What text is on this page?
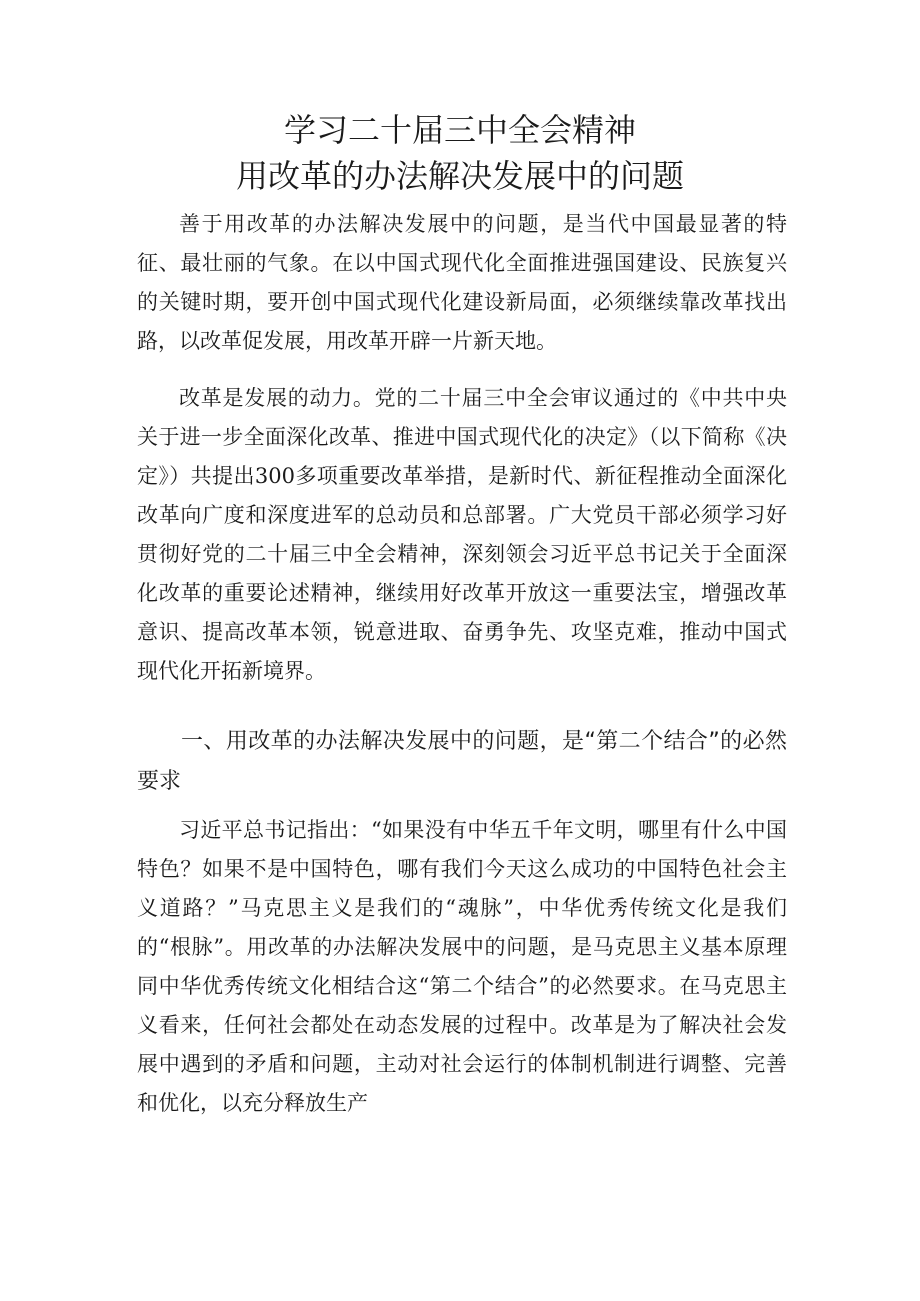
学习二十届三中全会精神
用改革的办法解决发展中的问题

善于用改革的办法解决发展中的问题，是当代中国最显著的特征、最壮丽的气象。在以中国式现代化全面推进强国建设、民族复兴的关键时期，要开创中国式现代化建设新局面，必须继续靠改革找出路，以改革促发展，用改革开辟一片新天地。

改革是发展的动力。党的二十届三中全会审议通过的《中共中央关于进一步全面深化改革、推进中国式现代化的决定》（以下简称《决定》）共提出300多项重要改革举措，是新时代、新征程推动全面深化改革向广度和深度进军的总动员和总部署。广大党员干部必须学习好贯彻好党的二十届三中全会精神，深刻领会习近平总书记关于全面深化改革的重要论述精神，继续用好改革开放这一重要法宝，增强改革意识、提高改革本领，锐意进取、奋勇争先、攻坚克难，推动中国式现代化开拓新境界。

一、用改革的办法解决发展中的问题，是“第二个结合”的必然要求

习近平总书记指出：“如果没有中华五千年文明，哪里有什么中国特色？如果不是中国特色，哪有我们今天这么成功的中国特色社会主义道路？”马克思主义是我们的“魂脉”，中华优秀传统文化是我们的“根脉”。用改革的办法解决发展中的问题，是马克思主义基本原理同中华优秀传统文化相结合这“第二个结合”的必然要求。在马克思主义看来，任何社会都处在动态发展的过程中。改革是为了解决社会发展中遇到的矛盾和问题，主动对社会运行的体制机制进行调整、完善和优化，以充分释放生产
